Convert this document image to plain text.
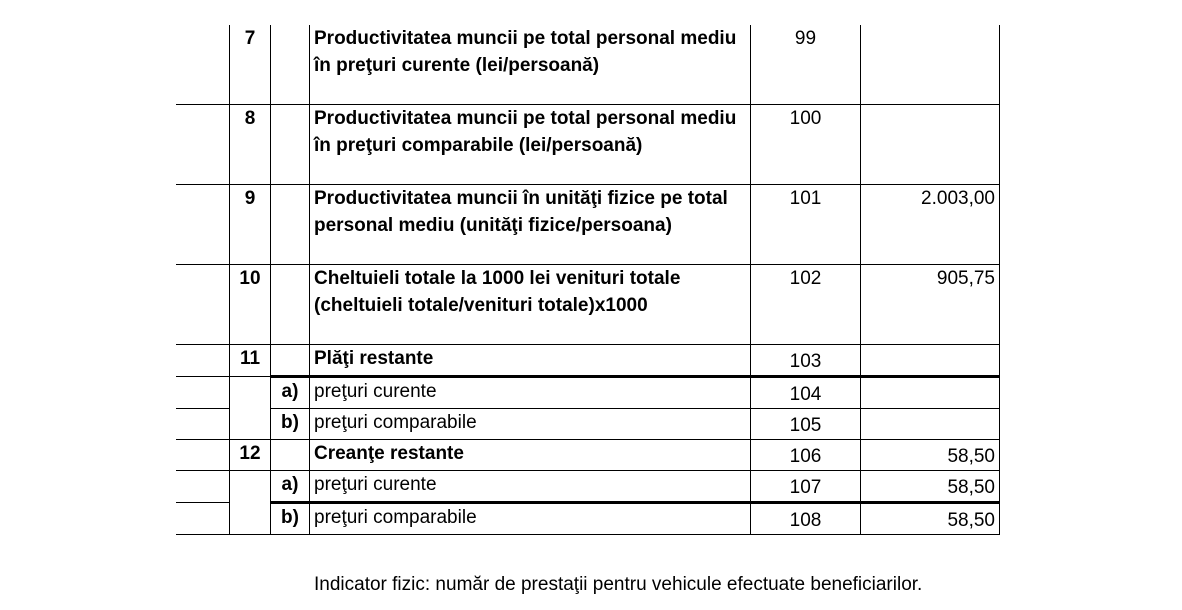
	7		Productivitatea muncii pe total personal mediu în preţuri curente (lei/persoană)	99	
	8		Productivitatea muncii pe total personal mediu în preţuri comparabile (lei/persoană)	100	
	9		Productivitatea muncii în unităţi fizice pe total personal mediu (unităţi fizice/persoana)	101	2.003,00
	10		Cheltuieli totale la 1000 lei venituri totale (cheltuieli totale/venituri totale)x1000	102	905,75
	11		Plăţi restante	103	
		a)	preţuri curente	104	
		b)	preţuri comparabile	105	
	12		Creanţe restante	106	58,50
		a)	preţuri curente	107	58,50
		b)	preţuri comparabile	108	58,50
Indicator fizic: număr de prestaţii pentru vehicule efectuate beneficiarilor.
